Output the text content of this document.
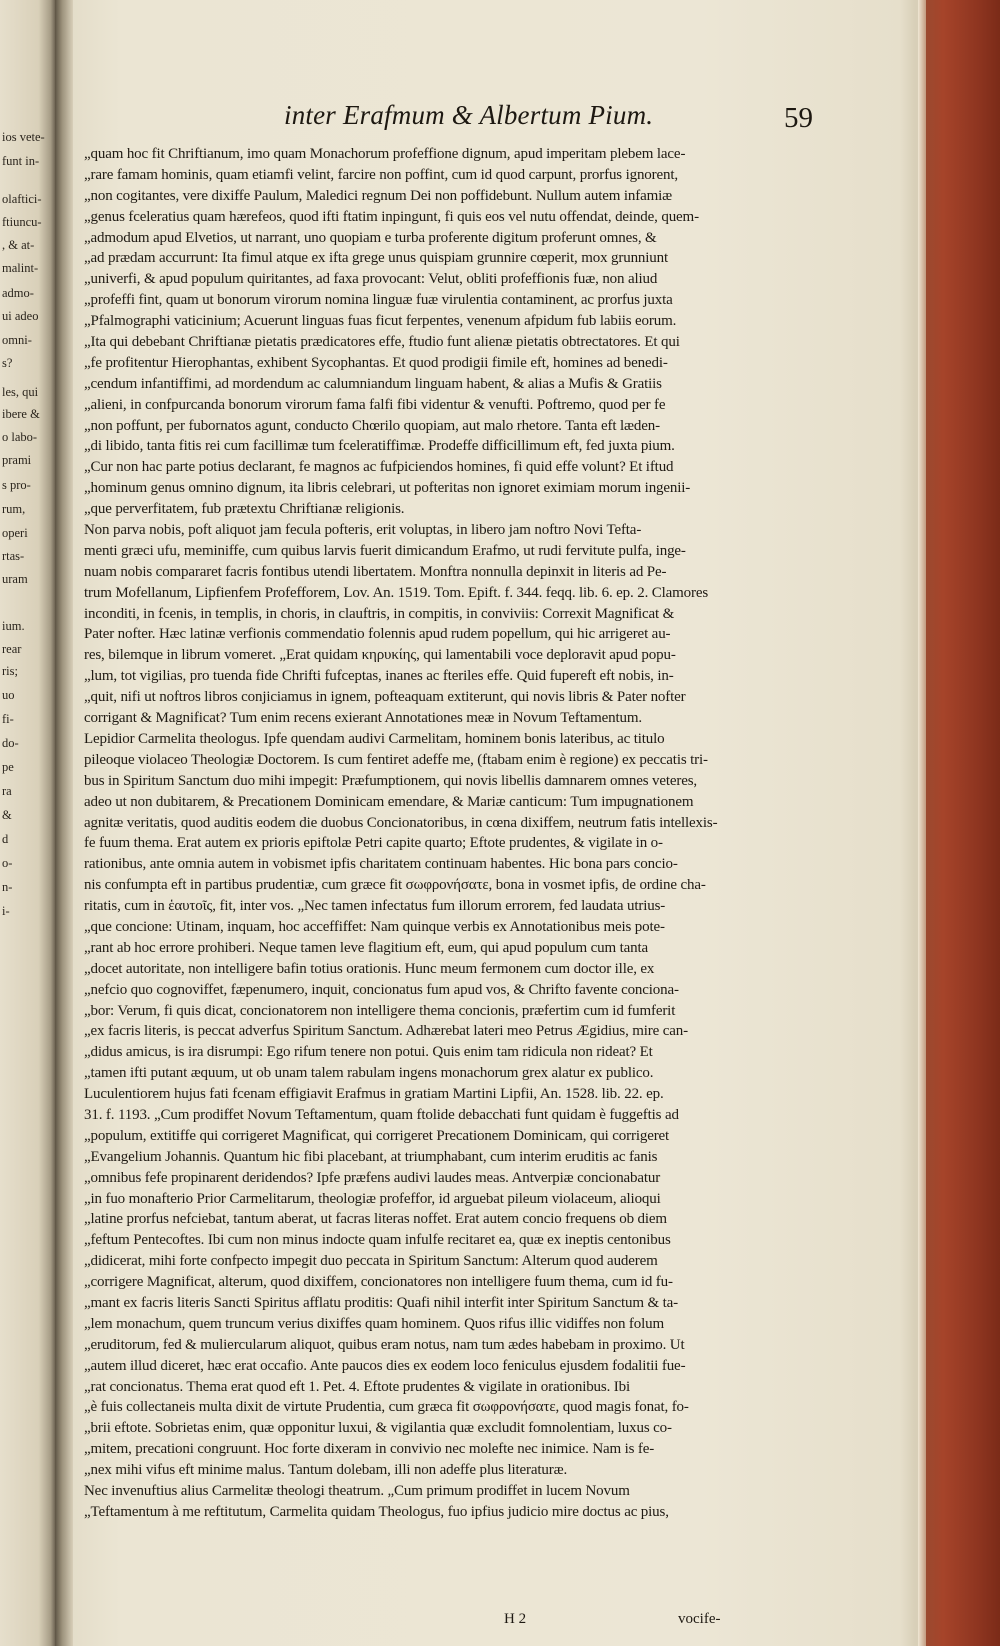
ios vete-
funt in-
olaftici-
ftiuncu-
, & at-
malint-
admo-
ui adeo
omni-
s?
les, qui
ibere &
o labo-
prami
s pro-
rum,
operi
rtas-
uram
ium.
rear
ris;
uo
fi-
do-
pe
ra
&
d
o-
n-
i-
inter Erafmum & Albertum Pium.	59
„quam hoc fit Chriftianum, imo quam Monachorum profeffione dignum, apud imperitam plebem lace-
„rare famam hominis, quam etiamfi velint, farcire non poffint, cum id quod carpunt, prorfus ignorent,
„non cogitantes, vere dixiffe Paulum, Maledici regnum Dei non poffidebunt. Nullum autem infamiæ
„genus fceleratius quam hærefeos, quod ifti ftatim inpingunt, fi quis eos vel nutu offendat, deinde, quem-
„admodum apud Elvetios, ut narrant, uno quopiam e turba proferente digitum proferunt omnes, &
„ad prædam accurrunt: Ita fimul atque ex ifta grege unus quispiam grunnire cœperit, mox grunniunt
„univerfi, & apud populum quiritantes, ad faxa provocant: Velut, obliti profeffionis fuæ, non aliud
„profeffi fint, quam ut bonorum virorum nomina linguæ fuæ virulentia contaminent, ac prorfus juxta
„Pfalmographi vaticinium; Acuerunt linguas fuas ficut ferpentes, venenum afpidum fub labiis eorum.
„Ita qui debebant Chriftianæ pietatis prædicatores effe, ftudio funt alienæ pietatis obtrectatores. Et qui
„fe profitentur Hierophantas, exhibent Sycophantas. Et quod prodigii fimile eft, homines ad benedi-
„cendum infantiffimi, ad mordendum ac calumniandum linguam habent, & alias a Mufis & Gratiis
„alieni, in confpurcanda bonorum virorum fama falfi fibi videntur & venufti. Poftremo, quod per fe
„non poffunt, per fubornatos agunt, conducto Chœrilo quopiam, aut malo rhetore. Tanta eft læden-
„di libido, tanta fitis rei cum facillimæ tum fceleratiffimæ. Prodeffe difficillimum eft, fed juxta pium.
„Cur non hac parte potius declarant, fe magnos ac fufpiciendos homines, fi quid effe volunt? Et iftud
„hominum genus omnino dignum, ita libris celebrari, ut pofteritas non ignoret eximiam morum ingenii-
„que perverfitatem, fub prætextu Chriftianæ religionis.
Non parva nobis, poft aliquot jam fecula pofteris, erit voluptas, in libero jam noftro Novi Tefta-
menti græci ufu, meminiffe, cum quibus larvis fuerit dimicandum Erafmo, ut rudi fervitute pulfa, inge-
nuam nobis compararet facris fontibus utendi libertatem. Monftra nonnulla depinxit in literis ad Pe-
trum Mofellanum, Lipfienfem Profefforem, Lov. An. 1519. Tom. Epift. f. 344. feqq. lib. 6. ep. 2. Clamores
inconditi, in fcenis, in templis, in choris, in clauftris, in compitis, in conviviis: Correxit Magnificat &
Pater nofter. Hæc latinæ verfionis commendatio folennis apud rudem popellum, qui hic arrigeret au-
res, bilemque in librum vomeret. „Erat quidam κηρυκίης, qui lamentabili voce deploravit apud popu-
„lum, tot vigilias, pro tuenda fide Chrifti fufceptas, inanes ac fteriles effe. Quid fupereft eft nobis, in-
„quit, nifi ut noftros libros conjiciamus in ignem, pofteaquam extiterunt, qui novis libris & Pater nofter
corrigant & Magnificat? Tum enim recens exierant Annotationes meæ in Novum Teftamentum.
Lepidior Carmelita theologus. Ipfe quendam audivi Carmelitam, hominem bonis lateribus, ac titulo
pileoque violaceo Theologiæ Doctorem. Is cum fentiret adeffe me, (ftabam enim è regione) ex peccatis tri-
bus in Spiritum Sanctum duo mihi impegit: Præfumptionem, qui novis libellis damnarem omnes veteres,
adeo ut non dubitarem, & Precationem Dominicam emendare, & Mariæ canticum: Tum impugnationem
agnitæ veritatis, quod auditis eodem die duobus Concionatoribus, in cœna dixiffem, neutrum fatis intellexis-
fe fuum thema. Erat autem ex prioris epiftolæ Petri capite quarto; Eftote prudentes, & vigilate in o-
rationibus, ante omnia autem in vobismet ipfis charitatem continuam habentes. Hic bona pars concio-
nis confumpta eft in partibus prudentiæ, cum græce fit σωφρονήσατε, bona in vosmet ipfis, de ordine cha-
ritatis, cum in ἑαυτοῖς, fit, inter vos. „Nec tamen infectatus fum illorum errorem, fed laudata utrius-
„que concione: Utinam, inquam, hoc acceffiffet: Nam quinque verbis ex Annotationibus meis pote-
„rant ab hoc errore prohiberi. Neque tamen leve flagitium eft, eum, qui apud populum cum tanta
„docet autoritate, non intelligere bafin totius orationis. Hunc meum fermonem cum doctor ille, ex
„nefcio quo cognoviffet, fæpenumero, inquit, concionatus fum apud vos, & Chrifto favente conciona-
„bor: Verum, fi quis dicat, concionatorem non intelligere thema concionis, præfertim cum id fumferit
„ex facris literis, is peccat adverfus Spiritum Sanctum. Adhærebat lateri meo Petrus Ægidius, mire can-
„didus amicus, is ira disrumpi: Ego rifum tenere non potui. Quis enim tam ridicula non rideat? Et
„tamen ifti putant æquum, ut ob unam talem rabulam ingens monachorum grex alatur ex publico.
Luculentiorem hujus fati fcenam effigiavit Erafmus in gratiam Martini Lipfii, An. 1528. lib. 22. ep.
31. f. 1193. „Cum prodiffet Novum Teftamentum, quam ftolide debacchati funt quidam è fuggeftis ad
„populum, extitiffe qui corrigeret Magnificat, qui corrigeret Precationem Dominicam, qui corrigeret
„Evangelium Johannis. Quantum hic fibi placebant, at triumphabant, cum interim eruditis ac fanis
„omnibus fefe propinarent deridendos? Ipfe præfens audivi laudes meas. Antverpiæ concionabatur
„in fuo monafterio Prior Carmelitarum, theologiæ profeffor, id arguebat pileum violaceum, alioqui
„latine prorfus nefciebat, tantum aberat, ut facras literas noffet. Erat autem concio frequens ob diem
„feftum Pentecoftes. Ibi cum non minus indocte quam infulfe recitaret ea, quæ ex ineptis centonibus
„didicerat, mihi forte confpecto impegit duo peccata in Spiritum Sanctum: Alterum quod auderem
„corrigere Magnificat, alterum, quod dixiffem, concionatores non intelligere fuum thema, cum id fu-
„mant ex facris literis Sancti Spiritus afflatu proditis: Quafi nihil interfit inter Spiritum Sanctum & ta-
„lem monachum, quem truncum verius dixiffes quam hominem. Quos rifus illic vidiffes non folum
„eruditorum, fed & muliercularum aliquot, quibus eram notus, nam tum ædes habebam in proximo. Ut
„autem illud diceret, hæc erat occafio. Ante paucos dies ex eodem loco feniculus ejusdem fodalitii fue-
„rat concionatus. Thema erat quod eft 1. Pet. 4. Eftote prudentes & vigilate in orationibus. Ibi
„è fuis collectaneis multa dixit de virtute Prudentia, cum græca fit σωφρονήσατε, quod magis fonat, fo-
„brii eftote. Sobrietas enim, quæ opponitur luxui, & vigilantia quæ excludit fomnolentiam, luxus co-
„mitem, precationi congruunt. Hoc forte dixeram in convivio nec molefte nec inimice. Nam is fe-
„nex mihi vifus eft minime malus. Tantum dolebam, illi non adeffe plus literaturæ.
Nec invenuftius alius Carmelitæ theologi theatrum. „Cum primum prodiffet in lucem Novum
„Teftamentum à me reftitutum, Carmelita quidam Theologus, fuo ipfius judicio mire doctus ac pius,
H 2	vocife-
